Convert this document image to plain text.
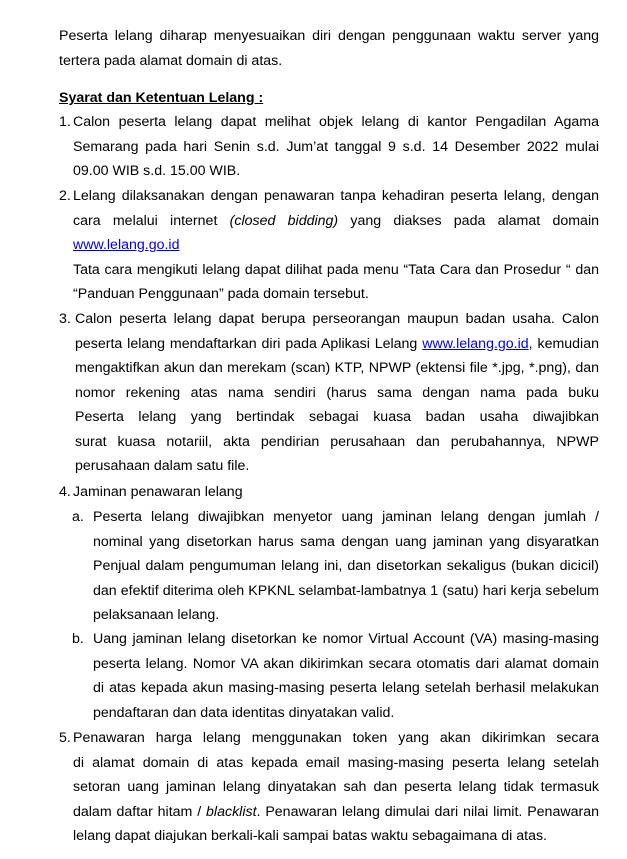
Peserta lelang diharap menyesuaikan diri dengan penggunaan waktu server yang
tertera pada alamat domain di atas.
Syarat dan Ketentuan Lelang :
1. Calon peserta lelang dapat melihat objek lelang di kantor Pengadilan Agama
Semarang pada hari Senin s.d. Jum’at tanggal 9 s.d. 14 Desember 2022 mulai
09.00 WIB s.d. 15.00 WIB.
2. Lelang dilaksanakan dengan penawaran tanpa kehadiran peserta lelang, dengan
cara melalui internet (closed bidding) yang diakses pada alamat domain
www.lelang.go.id
Tata cara mengikuti lelang dapat dilihat pada menu “Tata Cara dan Prosedur “ dan
“Panduan Penggunaan” pada domain tersebut.
3. Calon peserta lelang dapat berupa perseorangan maupun badan usaha. Calon
peserta lelang mendaftarkan diri pada Aplikasi Lelang www.lelang.go.id, kemudian
mengaktifkan akun dan merekam (scan) KTP, NPWP (ektensi file *.jpg, *.png), dan
nomor rekening atas nama sendiri (harus sama dengan nama pada buku
Peserta lelang yang bertindak sebagai kuasa badan usaha diwajibkan
surat kuasa notariil, akta pendirian perusahaan dan perubahannya, NPWP
perusahaan dalam satu file.
4. Jaminan penawaran lelang
a. Peserta lelang diwajibkan menyetor uang jaminan lelang dengan jumlah /
nominal yang disetorkan harus sama dengan uang jaminan yang disyaratkan
Penjual dalam pengumuman lelang ini, dan disetorkan sekaligus (bukan dicicil)
dan efektif diterima oleh KPKNL selambat-lambatnya 1 (satu) hari kerja sebelum
pelaksanaan lelang.
b. Uang jaminan lelang disetorkan ke nomor Virtual Account (VA) masing-masing
peserta lelang. Nomor VA akan dikirimkan secara otomatis dari alamat domain
di atas kepada akun masing-masing peserta lelang setelah berhasil melakukan
pendaftaran dan data identitas dinyatakan valid.
5. Penawaran harga lelang menggunakan token yang akan dikirimkan secara
di alamat domain di atas kepada email masing-masing peserta lelang setelah
setoran uang jaminan lelang dinyatakan sah dan peserta lelang tidak termasuk
dalam daftar hitam / blacklist. Penawaran lelang dimulai dari nilai limit. Penawaran
lelang dapat diajukan berkali-kali sampai batas waktu sebagaimana di atas.
